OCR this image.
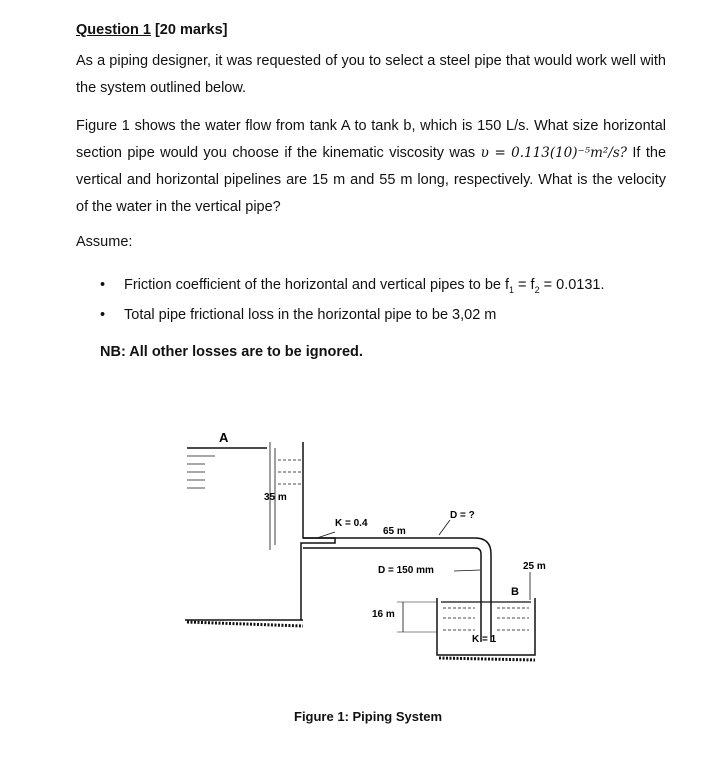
Question 1 [20 marks]

As a piping designer, it was requested of you to select a steel pipe that would work well with the system outlined below.

Figure 1 shows the water flow from tank A to tank b, which is 150 L/s. What size horizontal section pipe would you choose if the kinematic viscosity was υ = 0.113(10)⁻⁵m²/s? If the vertical and horizontal pipelines are 15 m and 55 m long, respectively. What is the velocity of the water in the vertical pipe?

Assume:
• Friction coefficient of the horizontal and vertical pipes to be $f_1 = f_2 = 0.0131$.
• Total pipe frictional loss in the horizontal pipe to be 3,02 m
NB: All other losses are to be ignored.
A
35 m
K = 0.4
65 m
D = ?
D = 150 mm
B
25 m
16 m
K = 1
Figure 1: Piping System
